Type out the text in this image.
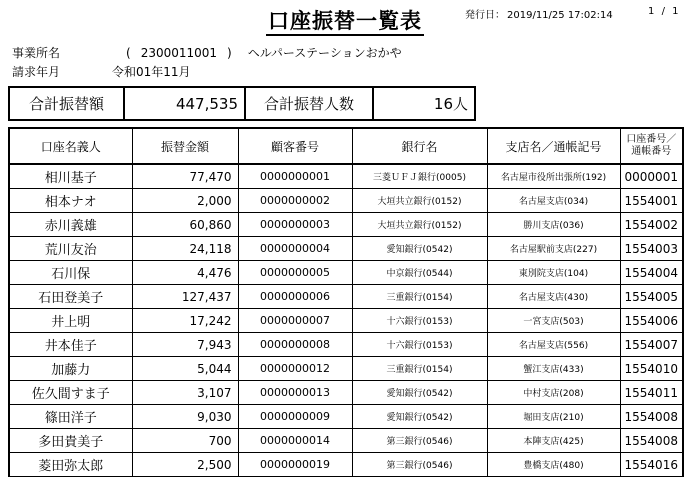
口座振替一覧表	発行日： 2019/11/25 17:02:14	1 / 1
事業所名	( 2300011001 ) ヘルパーステーションおかや
請求年月	令和01年11月
合計振替額	447,535	合計振替人数	16人
口座名義人	振替金額	顧客番号	銀行名	支店名／通帳記号	口座番号／
通帳番号
相川基子	77,470	0000000001	三菱ＵＦＪ銀行(0005)	名古屋市役所出張所(192)	0000001
相本ナオ	2,000	0000000002	大垣共立銀行(0152)	名古屋支店(034)	1554001
赤川義雄	60,860	0000000003	大垣共立銀行(0152)	勝川支店(036)	1554002
荒川友治	24,118	0000000004	愛知銀行(0542)	名古屋駅前支店(227)	1554003
石川保	4,476	0000000005	中京銀行(0544)	東別院支店(104)	1554004
石田登美子	127,437	0000000006	三重銀行(0154)	名古屋支店(430)	1554005
井上明	17,242	0000000007	十六銀行(0153)	一宮支店(503)	1554006
井本佳子	7,943	0000000008	十六銀行(0153)	名古屋支店(556)	1554007
加藤力	5,044	0000000012	三重銀行(0154)	蟹江支店(433)	1554010
佐久間すま子	3,107	0000000013	愛知銀行(0542)	中村支店(208)	1554011
篠田洋子	9,030	0000000009	愛知銀行(0542)	堀田支店(210)	1554008
多田貴美子	700	0000000014	第三銀行(0546)	本陣支店(425)	1554008
菱田弥太郎	2,500	0000000019	第三銀行(0546)	豊橋支店(480)	1554016
